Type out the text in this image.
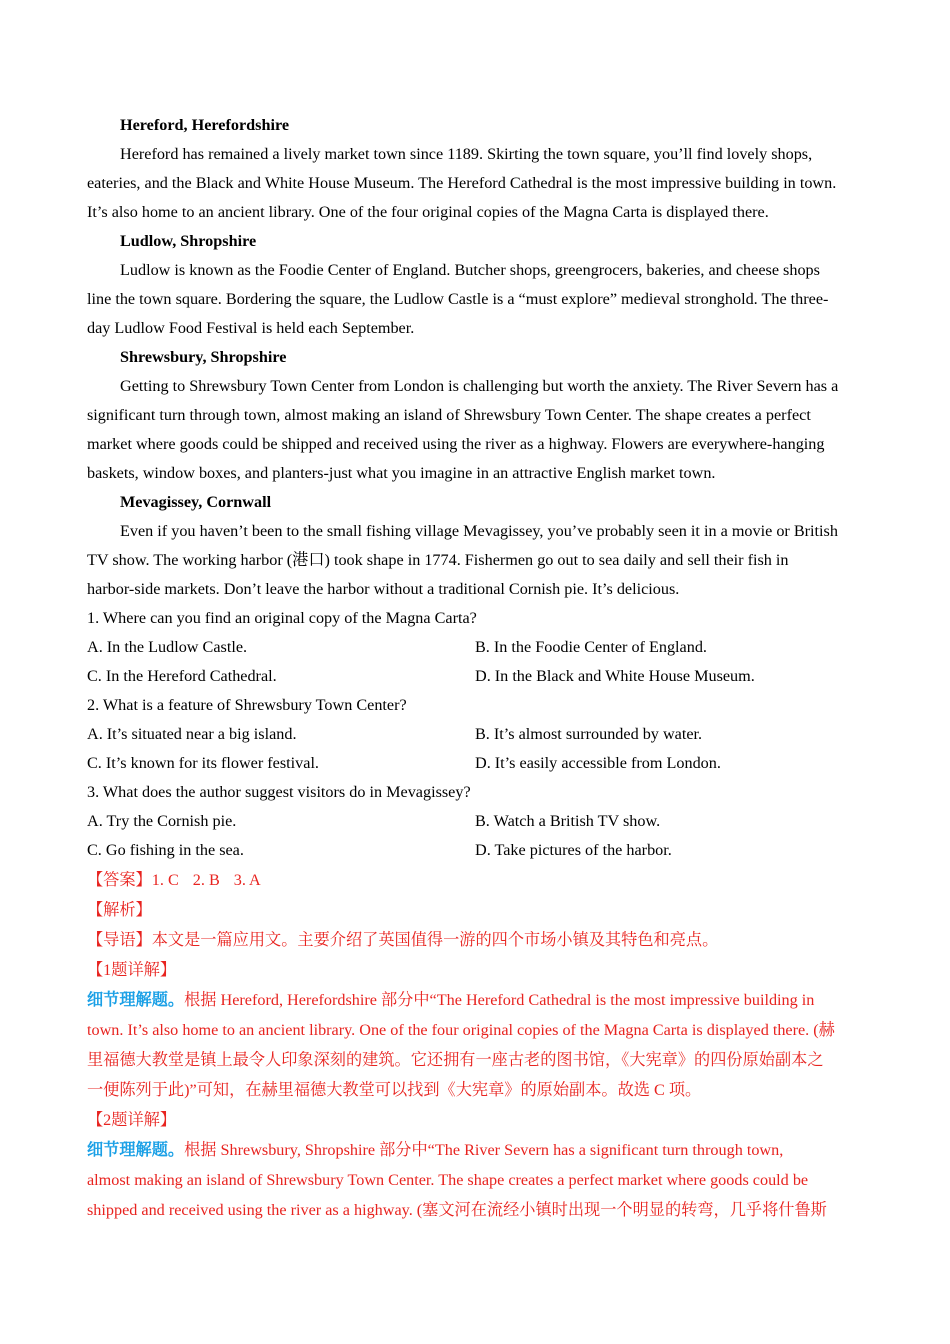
Hereford, Herefordshire
Hereford has remained a lively market town since 1189. Skirting the town square, you’ll find lovely shops,
eateries, and the Black and White House Museum. The Hereford Cathedral is the most impressive building in town.
It’s also home to an ancient library. One of the four original copies of the Magna Carta is displayed there.
Ludlow, Shropshire
Ludlow is known as the Foodie Center of England. Butcher shops, greengrocers, bakeries, and cheese shops
line the town square. Bordering the square, the Ludlow Castle is a “must explore” medieval stronghold. The three-
day Ludlow Food Festival is held each September.
Shrewsbury, Shropshire
Getting to Shrewsbury Town Center from London is challenging but worth the anxiety. The River Severn has a
significant turn through town, almost making an island of Shrewsbury Town Center. The shape creates a perfect
market where goods could be shipped and received using the river as a highway. Flowers are everywhere-hanging
baskets, window boxes, and planters-just what you imagine in an attractive English market town.
Mevagissey, Cornwall
Even if you haven’t been to the small fishing village Mevagissey, you’ve probably seen it in a movie or British
TV show. The working harbor (港口) took shape in 1774. Fishermen go out to sea daily and sell their fish in
harbor-side markets. Don’t leave the harbor without a traditional Cornish pie. It’s delicious.
1. Where can you find an original copy of the Magna Carta?
A. In the Ludlow Castle.	B. In the Foodie Center of England.
C. In the Hereford Cathedral.	D. In the Black and White House Museum.
2. What is a feature of Shrewsbury Town Center?
A. It’s situated near a big island.	B. It’s almost surrounded by water.
C. It’s known for its flower festival.	D. It’s easily accessible from London.
3. What does the author suggest visitors do in Mevagissey?
A. Try the Cornish pie.	B. Watch a British TV show.
C. Go fishing in the sea.	D. Take pictures of the harbor.
【答案】1. C 2. B 3. A
【解析】
【导语】本文是一篇应用文。主要介绍了英国值得一游的四个市场小镇及其特色和亮点。
【1题详解】
细节理解题。根据 Hereford, Herefordshire 部分中“The Hereford Cathedral is the most impressive building in
town. It’s also home to an ancient library. One of the four original copies of the Magna Carta is displayed there. (赫
里福德大教堂是镇上最令人印象深刻的建筑。它还拥有一座古老的图书馆，《大宪章》的四份原始副本之
一便陈列于此)”可知，在赫里福德大教堂可以找到《大宪章》的原始副本。故选 C 项。
【2题详解】
细节理解题。根据 Shrewsbury, Shropshire 部分中“The River Severn has a significant turn through town,
almost making an island of Shrewsbury Town Center. The shape creates a perfect market where goods could be
shipped and received using the river as a highway. (塞文河在流经小镇时出现一个明显的转弯，几乎将什鲁斯
